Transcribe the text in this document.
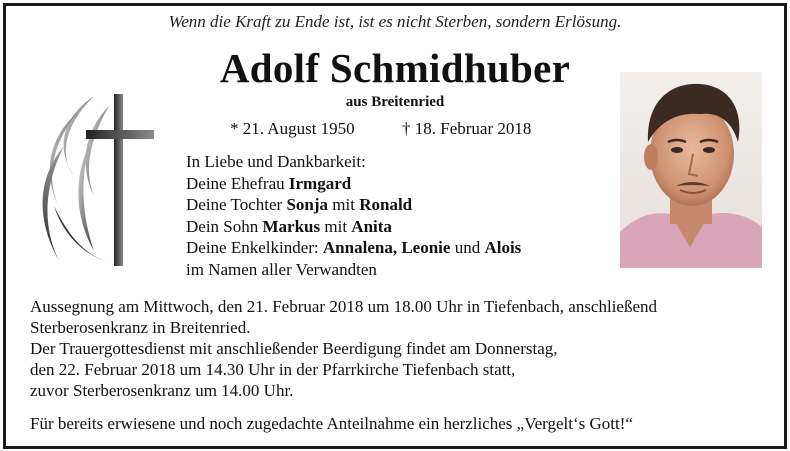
Wenn die Kraft zu Ende ist, ist es nicht Sterben, sondern Erlösung.
Adolf Schmidhuber
aus Breitenried
* 21. August 1950	† 18. Februar 2018
In Liebe und Dankbarkeit:
Deine Ehefrau Irmgard
Deine Tochter Sonja mit Ronald
Dein Sohn Markus mit Anita
Deine Enkelkinder: Annalena, Leonie und Alois
im Namen aller Verwandten
Aussegnung am Mittwoch, den 21. Februar 2018 um 18.00 Uhr in Tiefenbach, anschließend
Sterberosenkranz in Breitenried.
Der Trauergottesdienst mit anschließender Beerdigung findet am Donnerstag,
den 22. Februar 2018 um 14.30 Uhr in der Pfarrkirche Tiefenbach statt,
zuvor Sterberosenkranz um 14.00 Uhr.
Für bereits erwiesene und noch zugedachte Anteilnahme ein herzliches „Vergelt‘s Gott!“
